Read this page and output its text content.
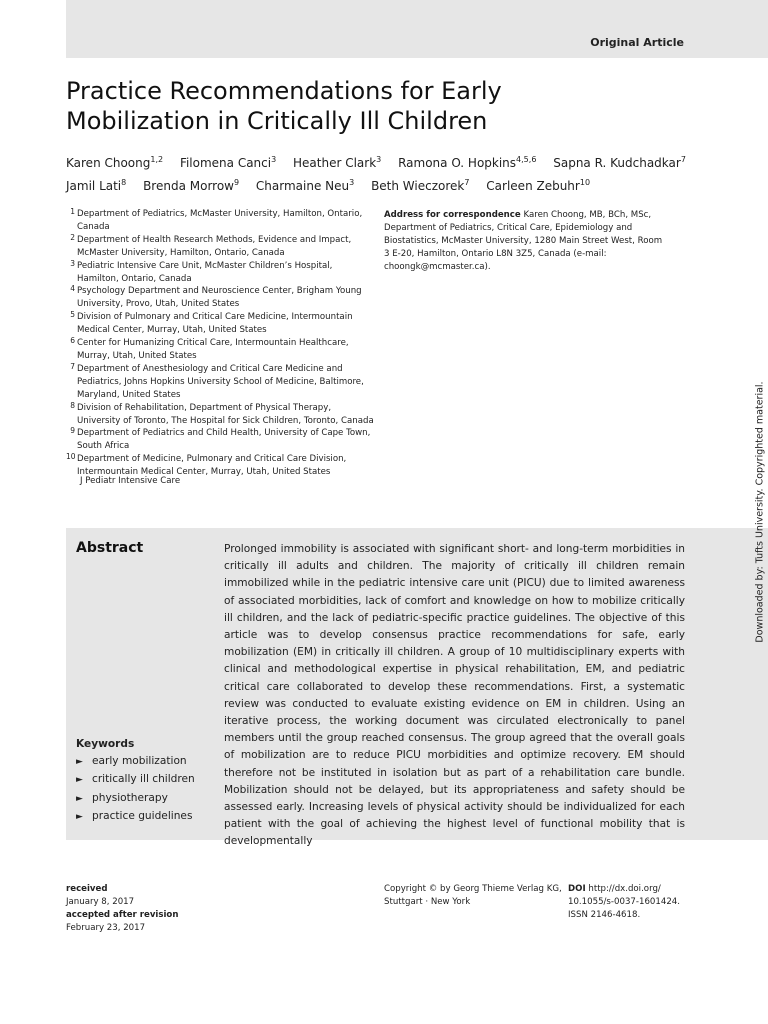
Original Article
Practice Recommendations for Early Mobilization in Critically Ill Children
Karen Choong$^{1,2}$ Filomena Canci$^3$ Heather Clark$^3$ Ramona O. Hopkins$^{4,5,6}$ Sapna R. Kudchadkar$^7$
Jamil Lati$^8$ Brenda Morrow$^9$ Charmaine Neu$^3$ Beth Wieczorek$^7$ Carleen Zebuhr$^{10}$
1 Department of Pediatrics, McMaster University, Hamilton, Ontario, Canada
2 Department of Health Research Methods, Evidence and Impact, McMaster University, Hamilton, Ontario, Canada
3 Pediatric Intensive Care Unit, McMaster Children’s Hospital, Hamilton, Ontario, Canada
4 Psychology Department and Neuroscience Center, Brigham Young University, Provo, Utah, United States
5 Division of Pulmonary and Critical Care Medicine, Intermountain Medical Center, Murray, Utah, United States
6 Center for Humanizing Critical Care, Intermountain Healthcare, Murray, Utah, United States
7 Department of Anesthesiology and Critical Care Medicine and Pediatrics, Johns Hopkins University School of Medicine, Baltimore, Maryland, United States
8 Division of Rehabilitation, Department of Physical Therapy, University of Toronto, The Hospital for Sick Children, Toronto, Canada
9 Department of Pediatrics and Child Health, University of Cape Town, South Africa
10 Department of Medicine, Pulmonary and Critical Care Division, Intermountain Medical Center, Murray, Utah, United States
Address for correspondence Karen Choong, MB, BCh, MSc, Department of Pediatrics, Critical Care, Epidemiology and Biostatistics, McMaster University, 1280 Main Street West, Room 3 E-20, Hamilton, Ontario L8N 3Z5, Canada (e-mail: choongk@mcmaster.ca).
J Pediatr Intensive Care
Abstract	Prolonged immobility is associated with significant short- and long-term morbidities in critically ill adults and children. The majority of critically ill children remain immobilized while in the pediatric intensive care unit (PICU) due to limited awareness of associated morbidities, lack of comfort and knowledge on how to mobilize critically ill children, and the lack of pediatric-specific practice guidelines. The objective of this article was to develop consensus practice recommendations for safe, early mobilization (EM) in critically ill children. A group of 10 multidisciplinary experts with clinical and methodological expertise in physical rehabilitation, EM, and pediatric critical care collaborated to develop these recommendations. First, a systematic review was conducted to evaluate existing evidence on EM in children. Using an iterative process, the working document was circulated electronically to panel members until the group reached consensus. The group agreed that the overall goals of mobilization are to reduce PICU morbidities and optimize recovery. EM should therefore not be instituted in isolation but as part of a rehabilitation care bundle. Mobilization should not be delayed, but its appropriateness and safety should be assessed early. Increasing levels of physical activity should be individualized for each patient with the goal of achieving the highest level of functional mobility that is developmentally

Keywords
► early mobilization
► critically ill children
► physiotherapy
► practice guidelines
received
January 8, 2017
accepted after revision
February 23, 2017
Copyright © by Georg Thieme Verlag KG, Stuttgart · New York
DOI http://dx.doi.org/
10.1055/s-0037-1601424.
ISSN 2146-4618.
Downloaded by: Tufts University. Copyrighted material.
